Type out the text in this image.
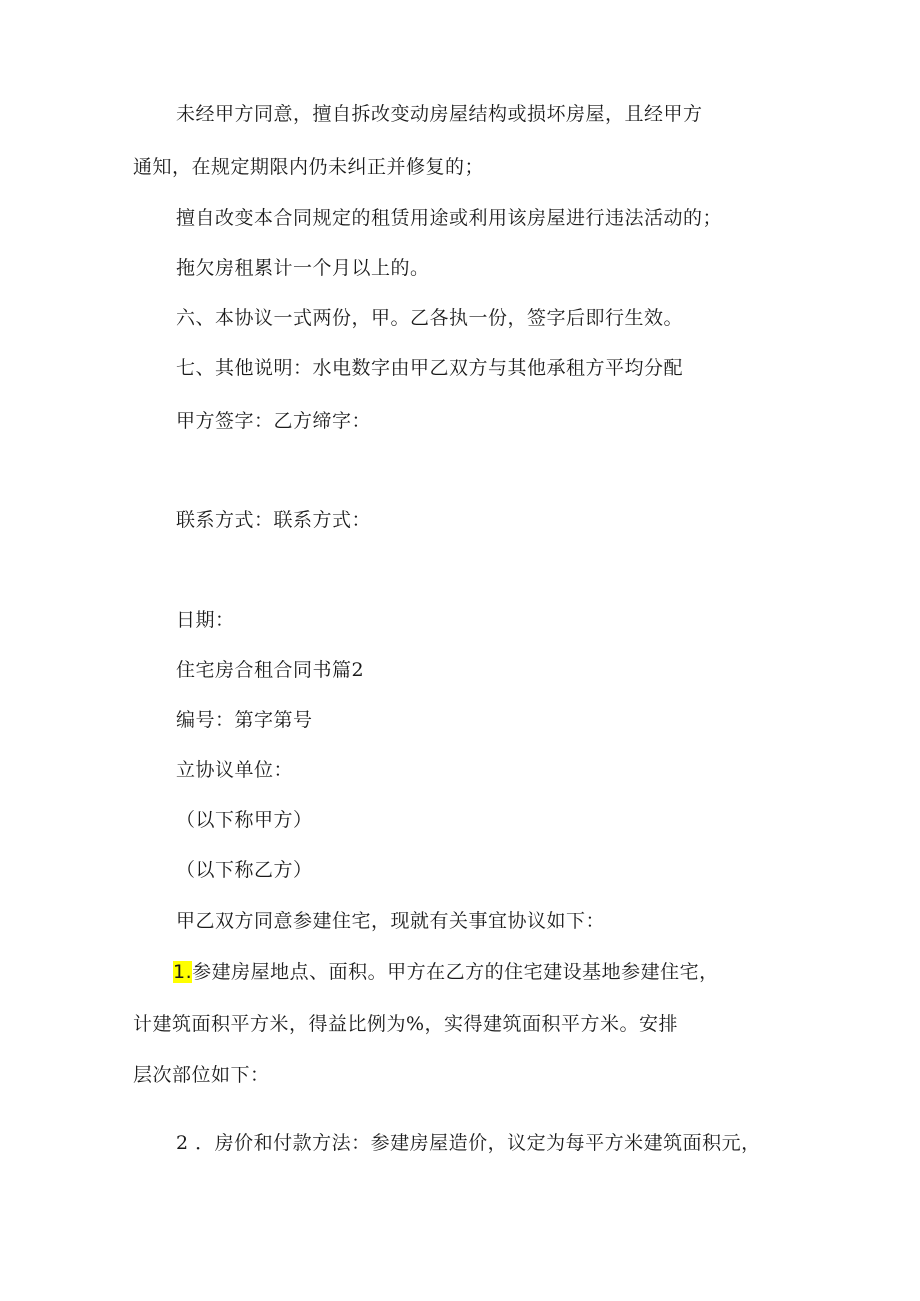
未经甲方同意，擅自拆改变动房屋结构或损坏房屋，且经甲方
通知，在规定期限内仍未纠正并修复的；
擅自改变本合同规定的租赁用途或利用该房屋进行违法活动的；
拖欠房租累计一个月以上的。
六、本协议一式两份，甲。乙各执一份，签字后即行生效。
七、其他说明：水电数字由甲乙双方与其他承租方平均分配
甲方签字：乙方缔字：
联系方式：联系方式：
日期：
住宅房合租合同书篇2
编号：第字第号
立协议单位：
（以下称甲方）
（以下称乙方）
甲乙双方同意参建住宅，现就有关事宜协议如下：
1.参建房屋地点、面积。甲方在乙方的住宅建设基地参建住宅，
计建筑面积平方米，得益比例为%，实得建筑面积平方米。安排
层次部位如下：
2 ．房价和付款方法：参建房屋造价，议定为每平方米建筑面积元，
